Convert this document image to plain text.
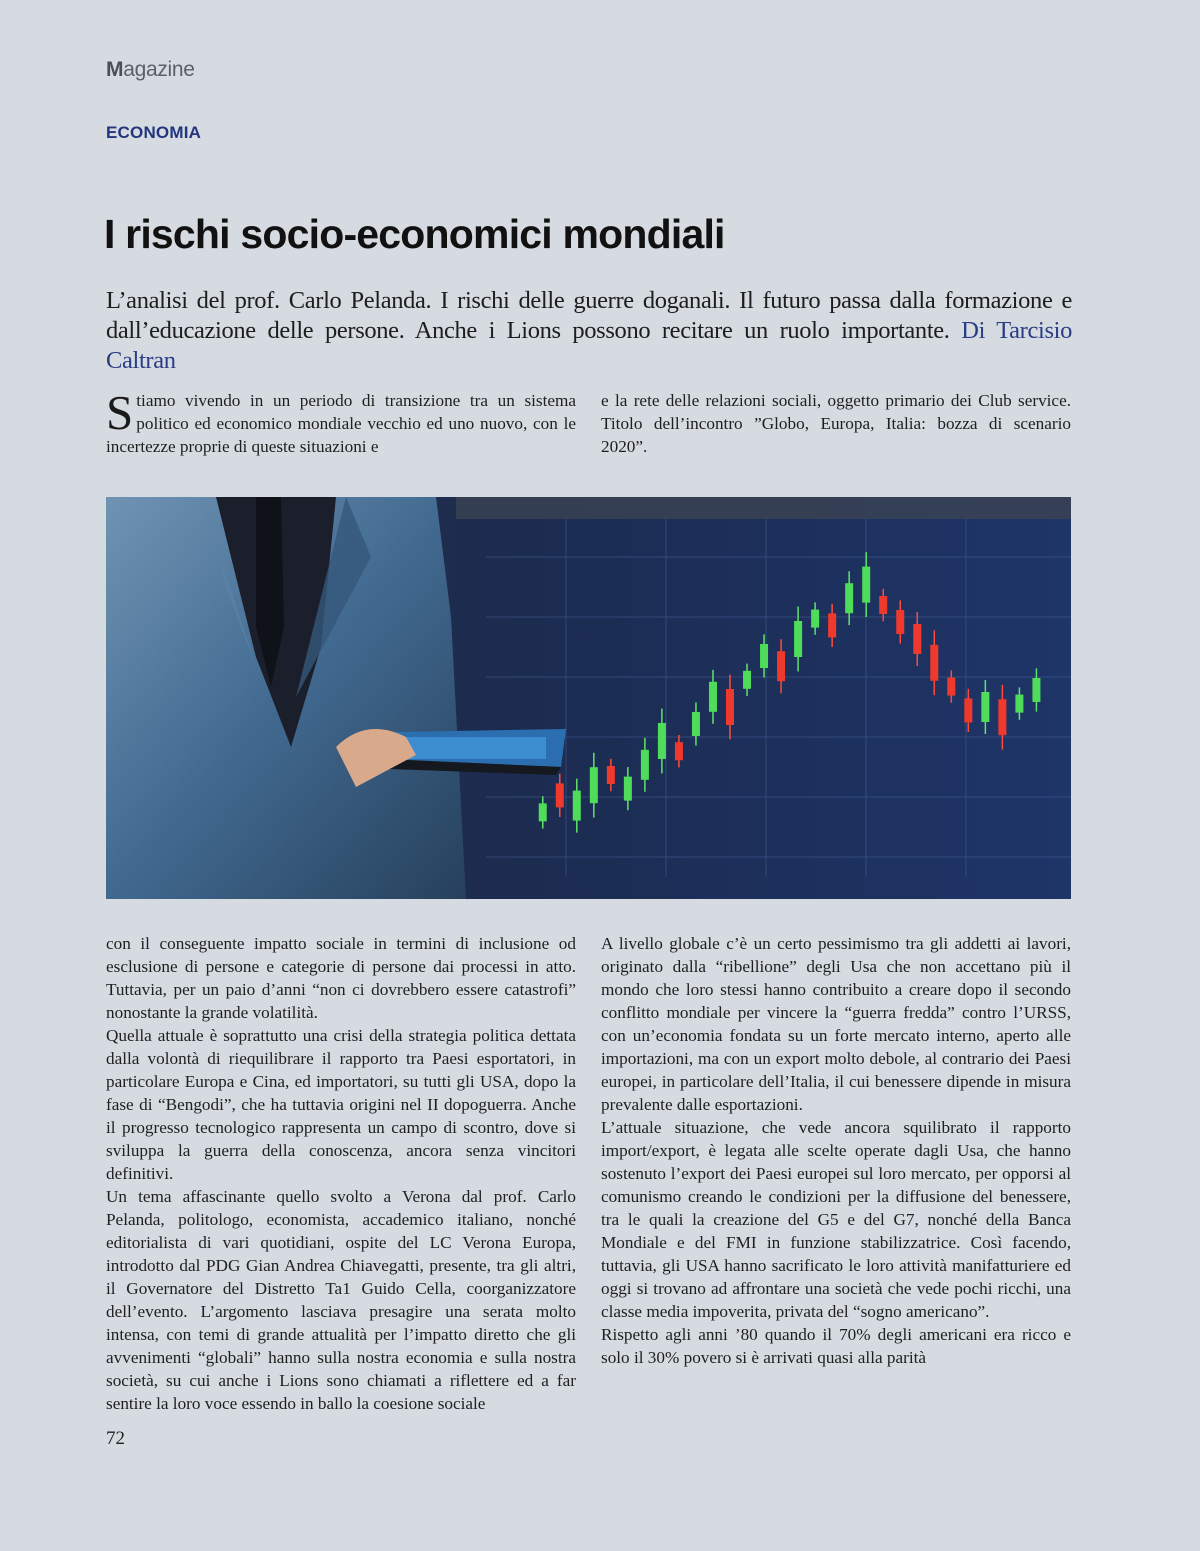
Magazine
ECONOMIA
I rischi socio-economici mondiali
L’analisi del prof. Carlo Pelanda. I rischi delle guerre doganali. Il futuro passa dalla formazione e dall’educazione delle persone. Anche i Lions possono recitare un ruolo importante. Di Tarcisio Caltran
Stiamo vivendo in un periodo di transizione tra un sistema politico ed economico mondiale vecchio ed uno nuovo, con le incertezze proprie di queste situazioni e

e la rete delle relazioni sociali, oggetto primario dei Club service. Titolo dell’incontro ”Globo, Europa, Italia: bozza di scenario 2020”.

con il conseguente impatto sociale in termini di inclusione od esclusione di persone e categorie di persone dai processi in atto. Tuttavia, per un paio d’anni “non ci dovrebbero essere catastrofi” nonostante la grande volatilità.

Quella attuale è soprattutto una crisi della strategia politica dettata dalla volontà di riequilibrare il rapporto tra Paesi esportatori, in particolare Europa e Cina, ed importatori, su tutti gli USA, dopo la fase di “Bengodi”, che ha tuttavia origini nel II dopoguerra. Anche il progresso tecnologico rappresenta un campo di scontro, dove si sviluppa la guerra della conoscenza, ancora senza vincitori definitivi.

Un tema affascinante quello svolto a Verona dal prof. Carlo Pelanda, politologo, economista, accademico italiano, nonché editorialista di vari quotidiani, ospite del LC Verona Europa, introdotto dal PDG Gian Andrea Chiavegatti, presente, tra gli altri, il Governatore del Distretto Ta1 Guido Cella, coorganizzatore dell’evento. L’argomento lasciava presagire una serata molto intensa, con temi di grande attualità per l’impatto diretto che gli avvenimenti “globali” hanno sulla nostra economia e sulla nostra società, su cui anche i Lions sono chiamati a riflettere ed a far sentire la loro voce essendo in ballo la coesione sociale

A livello globale c’è un certo pessimismo tra gli addetti ai lavori, originato dalla “ribellione” degli Usa che non accettano più il mondo che loro stessi hanno contribuito a creare dopo il secondo conflitto mondiale per vincere la “guerra fredda” contro l’URSS, con un’economia fondata su un forte mercato interno, aperto alle importazioni, ma con un export molto debole, al contrario dei Paesi europei, in particolare dell’Italia, il cui benessere dipende in misura prevalente dalle esportazioni.

L’attuale situazione, che vede ancora squilibrato il rapporto import/export, è legata alle scelte operate dagli Usa, che hanno sostenuto l’export dei Paesi europei sul loro mercato, per opporsi al comunismo creando le condizioni per la diffusione del benessere, tra le quali la creazione del G5 e del G7, nonché della Banca Mondiale e del FMI in funzione stabilizzatrice. Così facendo, tuttavia, gli USA hanno sacrificato le loro attività manifatturiere ed oggi si trovano ad affrontare una società che vede pochi ricchi, una classe media impoverita, privata del “sogno americano”.

Rispetto agli anni ’80 quando il 70% degli americani era ricco e solo il 30% povero si è arrivati quasi alla parità

72
